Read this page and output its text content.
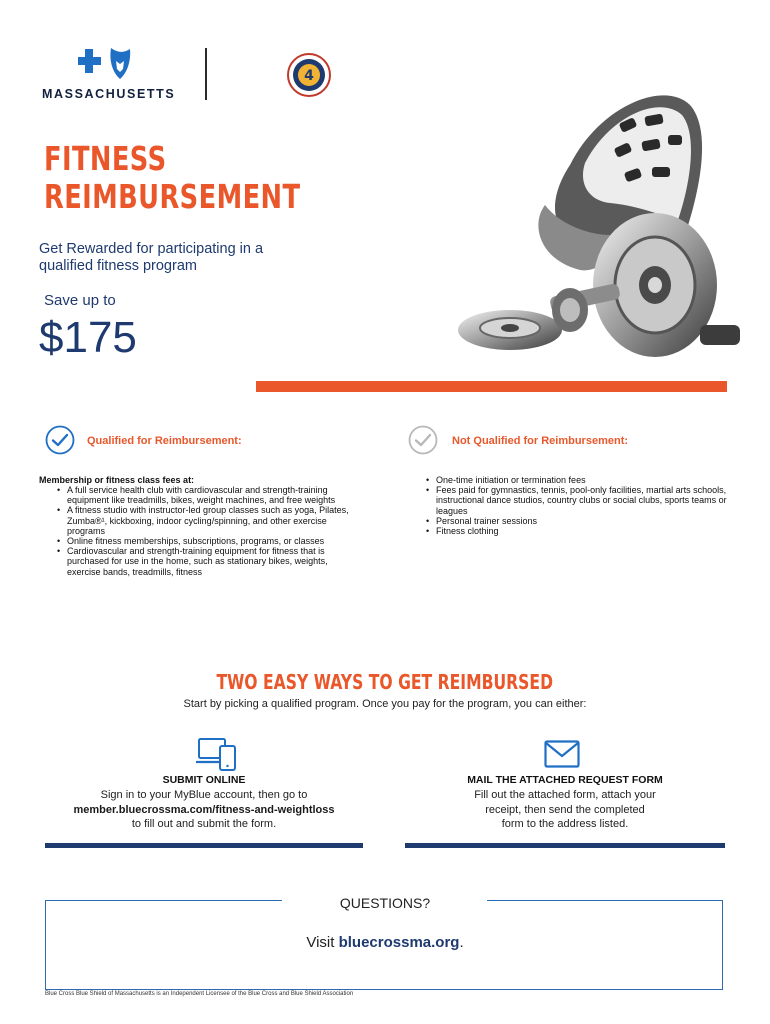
MASSACHUSETTS
4
FITNESS
REIMBURSEMENT
Get Rewarded for participating in a qualified fitness program
Save up to
$175
Qualified for Reimbursement:	Not Qualified for Reimbursement:
Membership or fitness class fees at:
• A full service health club with cardiovascular and strength-training equipment like treadmills, bikes, weight machines, and free weights
• A fitness studio with instructor-led group classes such as yoga, Pilates, Zumba®¹, kickboxing, indoor cycling/spinning, and other exercise programs
• Online fitness memberships, subscriptions, programs, or classes
• Cardiovascular and strength-training equipment for fitness that is purchased for use in the home, such as stationary bikes, weights, exercise bands, treadmills, fitness
• One-time initiation or termination fees
• Fees paid for gymnastics, tennis, pool-only facilities, martial arts schools, instructional dance studios, country clubs or social clubs, sports teams or leagues
• Personal trainer sessions
• Fitness clothing
TWO EASY WAYS TO GET REIMBURSED
Start by picking a qualified program. Once you pay for the program, you can either:
SUBMIT ONLINE
Sign in to your MyBlue account, then go to
member.bluecrossma.com/fitness-and-weightloss
to fill out and submit the form.
MAIL THE ATTACHED REQUEST FORM
Fill out the attached form, attach your
receipt, then send the completed
form to the address listed.
QUESTIONS?
Visit bluecrossma.org.
Blue Cross Blue Shield of Massachusetts is an Independent Licensee of the Blue Cross and Blue Shield Association
